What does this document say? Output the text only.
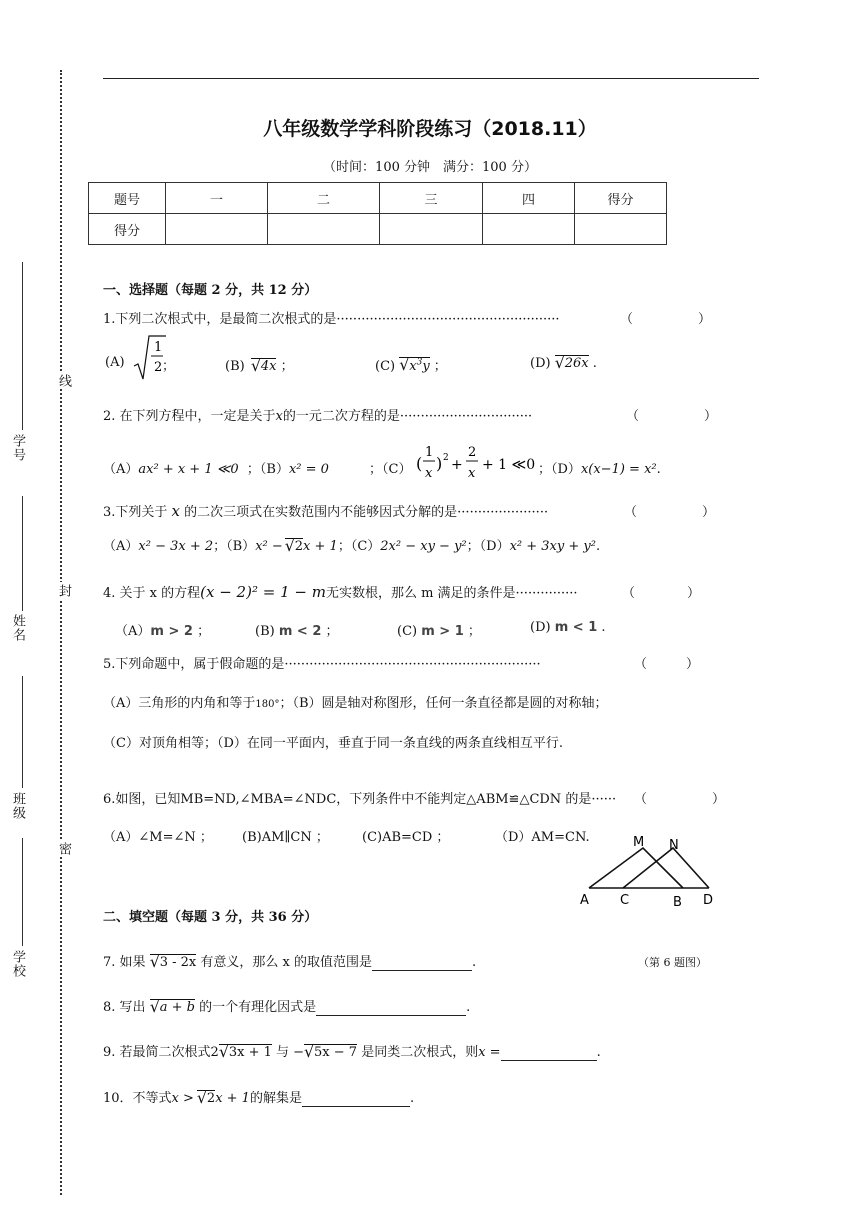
线
封
密
学号
姓名
班级
学校
八年级数学学科阶段练习（2018.11）
（时间：100 分钟　满分：100 分）
题号	一	二	三	四	得分
得分					
一、选择题（每题 2 分，共 12 分）
1.下列二次根式中，是最简二次根式的是······················································	（　　　　　）
(A)
1
2 ；	(B) 4x
√ ；	(C) $x^3y$
√ ；	(D) 26x
√ .
2. 在下列方程中，一定是关于x的一元二次方程的是································	（　　　　　）
（A）ax² + x + 1 ≪0 ；（B）x² = 0	；（C） (
1
x
) 2 +
2
x
+ 1 ≪0 ；（D）x(x−1) = x².
3.下列关于 x 的二次三项式在实数范围内不能够因式分解的是······················	（　　　　　）
（A）x² − 3x + 2；（B）x² − 2
√ x + 1；（C）2x² − xy − y²；（D）x² + 3xy + y².
4. 关于 x 的方程(x − 2)² = 1 − m无实数根，那么 m 满足的条件是···············	（　　　　）
（A）m > 2 ；	(B) m < 2 ；	(C) m > 1 ；	(D) m < 1 .
5.下列命题中，属于假命题的是······························································	（　　　）
（A）三角形的内角和等于180°；（B）圆是轴对称图形，任何一条直径都是圆的对称轴；
（C）对顶角相等；（D）在同一平面内，垂直于同一条直线的两条直线相互平行.
6.如图，已知MB=ND,∠MBA=∠NDC，下列条件中不能判定△ABM≌△CDN 的是······ （　　　　　）
（A）∠M=∠N ； (B)AM∥CN ；	(C)AB=CD ；	（D）AM=CN.	M N
A C	B D
（第 6 题图）
二、填空题（每题 3 分，共 36 分）
7. 如果 3 - 2x
√	有意义，那么 x 的取值范围是	.
8. 写出 a + b
√	的一个有理化因式是	.
9. 若最简二次根式2 3x + 1
√	与 − 5x − 7
√	是同类二次根式，则x =	.
10．不等式x > 2
√ x + 1的解集是	.
